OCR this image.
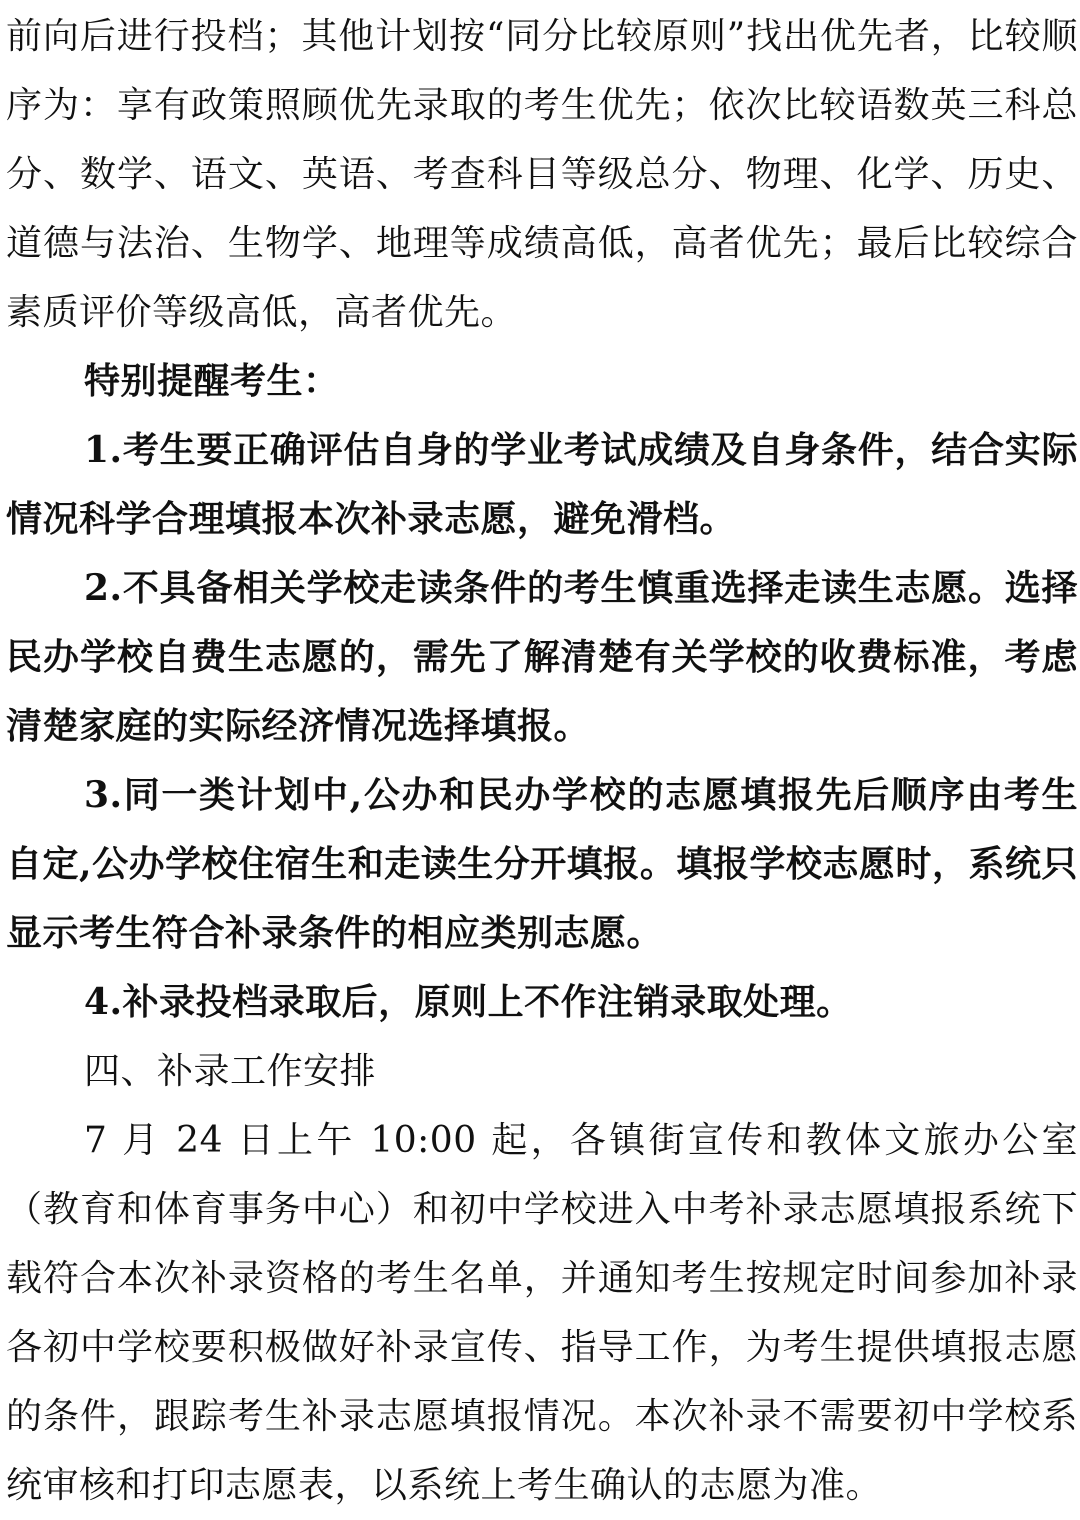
前向后进行投档；其他计划按“同分比较原则”找出优先者，比较顺序为：享有政策照顾优先录取的考生优先；依次比较语数英三科总分、数学、语文、英语、考查科目等级总分、物理、化学、历史、道德与法治、生物学、地理等成绩高低，高者优先；最后比较综合素质评价等级高低，高者优先。

特别提醒考生：

1.考生要正确评估自身的学业考试成绩及自身条件，结合实际情况科学合理填报本次补录志愿，避免滑档。

2.不具备相关学校走读条件的考生慎重选择走读生志愿。选择民办学校自费生志愿的，需先了解清楚有关学校的收费标准，考虑清楚家庭的实际经济情况选择填报。

3.同一类计划中,公办和民办学校的志愿填报先后顺序由考生自定,公办学校住宿生和走读生分开填报。填报学校志愿时，系统只显示考生符合补录条件的相应类别志愿。

4.补录投档录取后，原则上不作注销录取处理。

四、补录工作安排

7 月 24 日上午 10:00 起，各镇街宣传和教体文旅办公室（教育和体育事务中心）和初中学校进入中考补录志愿填报系统下载符合本次补录资格的考生名单，并通知考生按规定时间参加补录各初中学校要积极做好补录宣传、指导工作，为考生提供填报志愿的条件，跟踪考生补录志愿填报情况。本次补录不需要初中学校系统审核和打印志愿表，以系统上考生确认的志愿为准。
